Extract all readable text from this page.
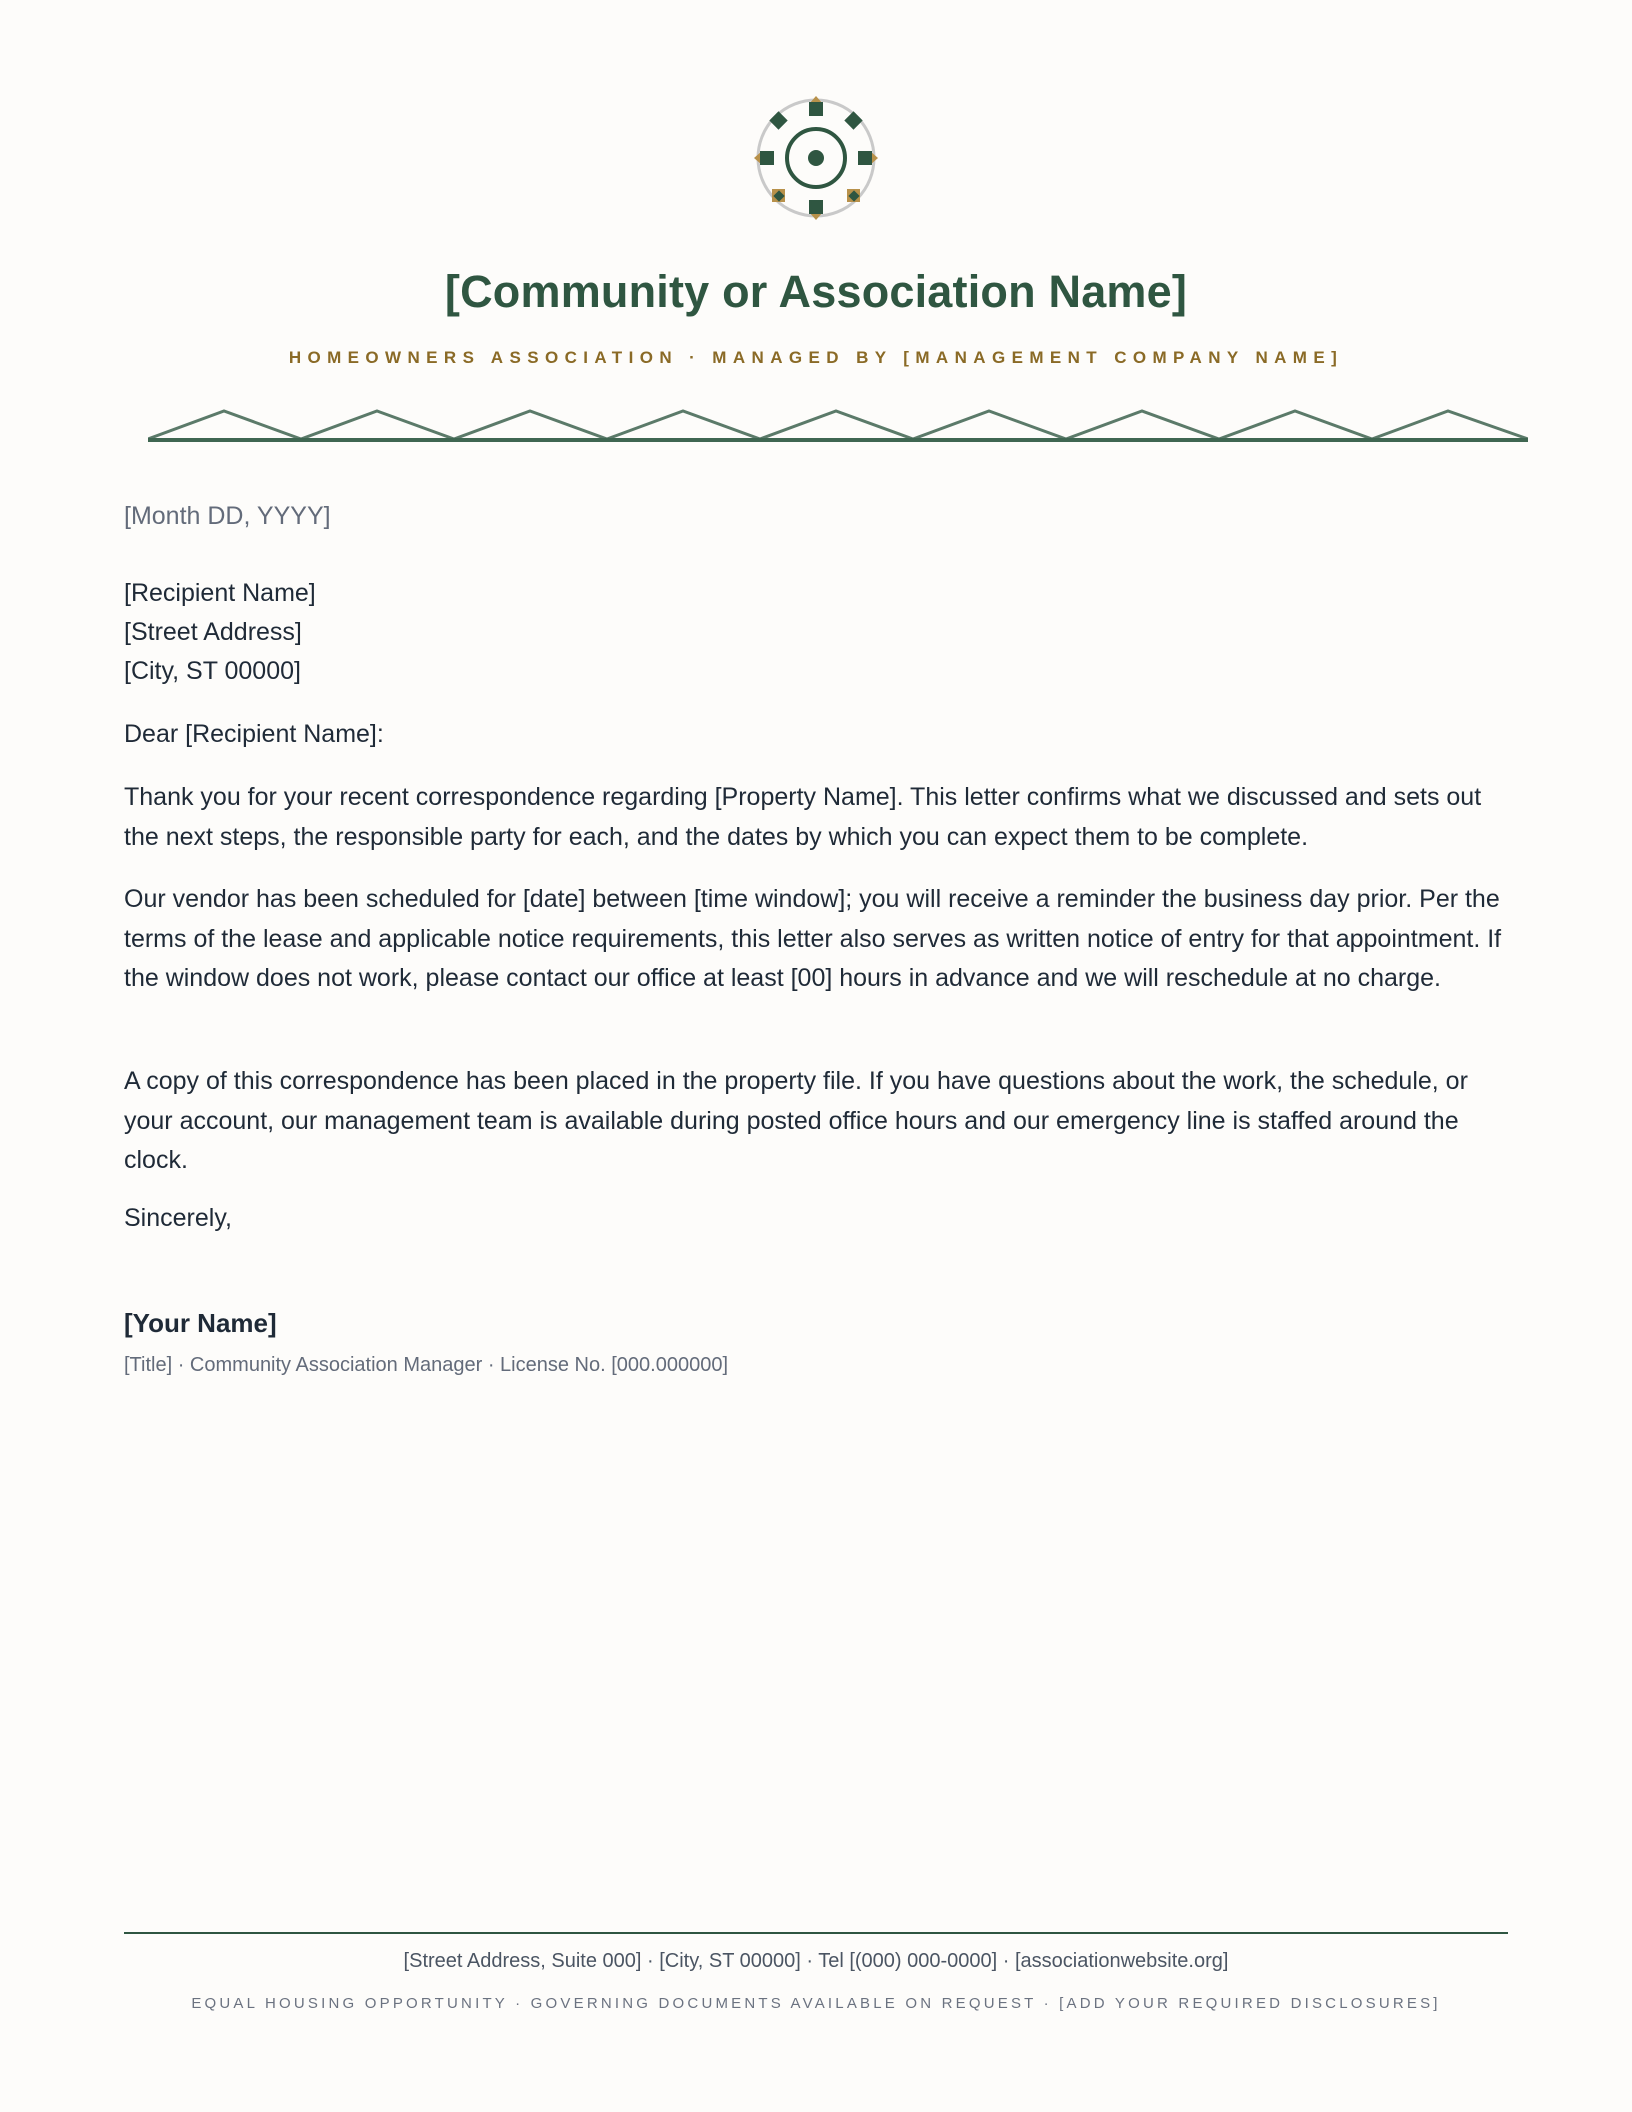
[Community or Association Name]
HOMEOWNERS ASSOCIATION · MANAGED BY [MANAGEMENT COMPANY NAME]
[Month DD, YYYY]
[Recipient Name]
[Street Address]
[City, ST 00000]
Dear [Recipient Name]:
Thank you for your recent correspondence regarding [Property Name]. This letter confirms what we discussed and sets out the next steps, the responsible party for each, and the dates by which you can expect them to be complete.
Our vendor has been scheduled for [date] between [time window]; you will receive a reminder the business day prior. Per the terms of the lease and applicable notice requirements, this letter also serves as written notice of entry for that appointment. If the window does not work, please contact our office at least [00] hours in advance and we will reschedule at no charge.
A copy of this correspondence has been placed in the property file. If you have questions about the work, the schedule, or your account, our management team is available during posted office hours and our emergency line is staffed around the clock.
Sincerely,
[Your Name]
[Title] · Community Association Manager · License No. [000.000000]
[Street Address, Suite 000] · [City, ST 00000] · Tel [(000) 000-0000] · [associationwebsite.org]
EQUAL HOUSING OPPORTUNITY · GOVERNING DOCUMENTS AVAILABLE ON REQUEST · [ADD YOUR REQUIRED DISCLOSURES]
